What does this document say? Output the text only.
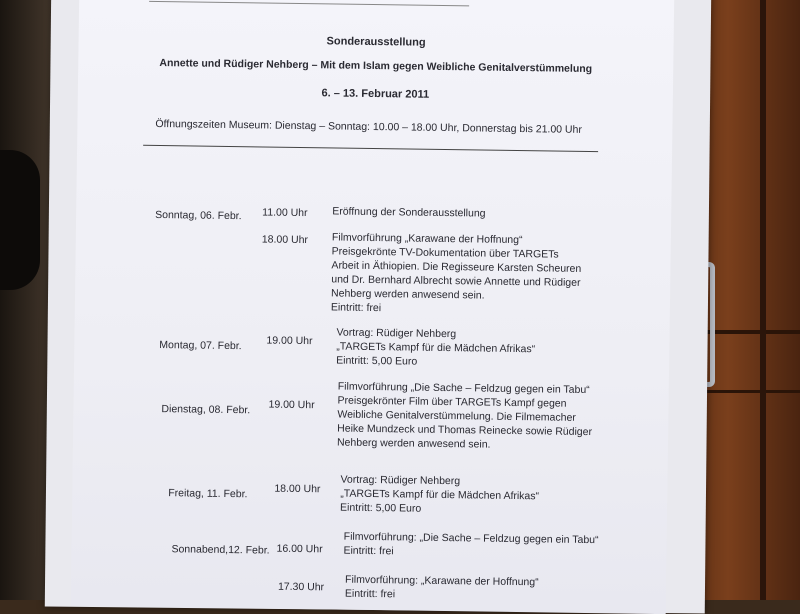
Sonderausstellung
Annette und Rüdiger Nehberg – Mit dem Islam gegen Weibliche Genitalverstümmelung
6. – 13. Februar 2011
Öffnungszeiten Museum: Dienstag – Sonntag: 10.00 – 18.00 Uhr, Donnerstag bis 21.00 Uhr
Sonntag, 06. Febr. 11.00 Uhr Eröffnung der Sonderausstellung
18.00 Uhr Filmvorführung „Karawane der Hoffnung“
Preisgekrönte TV-Dokumentation über TARGETs
Arbeit in Äthiopien. Die Regisseure Karsten Scheuren
und Dr. Bernhard Albrecht sowie Annette und Rüdiger
Nehberg werden anwesend sein.
Eintritt: frei
Montag, 07. Febr. 19.00 Uhr
Vortrag: Rüdiger Nehberg
„TARGETs Kampf für die Mädchen Afrikas“
Eintritt: 5,00 Euro
Dienstag, 08. Febr. 19.00 Uhr
Filmvorführung „Die Sache – Feldzug gegen ein Tabu“
Preisgekrönter Film über TARGETs Kampf gegen
Weibliche Genitalverstümmelung. Die Filmemacher
Heike Mundzeck und Thomas Reinecke sowie Rüdiger
Nehberg werden anwesend sein.
Freitag, 11. Febr.	18.00 Uhr
Vortrag: Rüdiger Nehberg
„TARGETs Kampf für die Mädchen Afrikas“
Eintritt: 5,00 Euro
Sonnabend,12. Febr. 16.00 Uhr
Filmvorführung: „Die Sache – Feldzug gegen ein Tabu“
Eintritt: frei
17.30 Uhr Filmvorführung: „Karawane der Hoffnung“
Eintritt: frei
